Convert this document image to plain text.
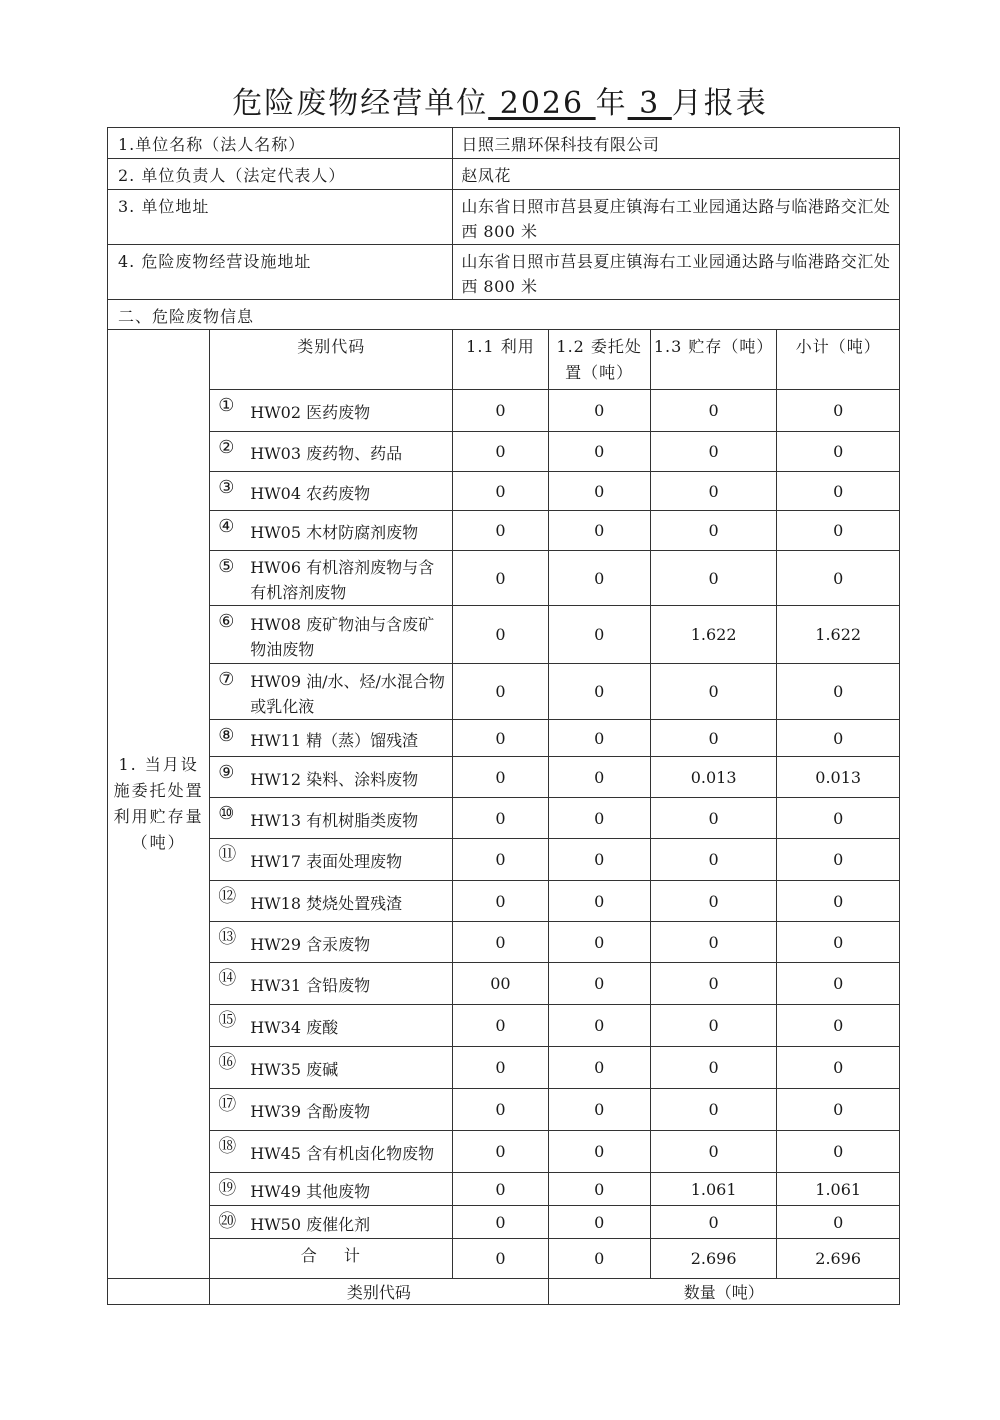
危险废物经营单位 2026 年 3 月报表
1.单位名称（法人名称）		日照三鼎环保科技有限公司			
2. 单位负责人（法定代表人）		赵凤花			
3. 单位地址		山东省日照市莒县夏庄镇海右工业园通达路与临港路交汇处西 800 米			
4. 危险废物经营设施地址		山东省日照市莒县夏庄镇海右工业园通达路与临港路交汇处西 800 米			
二、危险废物信息					
1. 当月设施委托处置利用贮存量（吨）	类别代码	1.1 利用	1.2 委托处置（吨）	1.3 贮存（吨）	小计（吨）

	① HW02 医药废物	0	0	0	0

	② HW03 废药物、药品	0	0	0	0

	③ HW04 农药废物	0	0	0	0

	④ HW05 木材防腐剂废物	0	0	0	0

	⑤ HW06 有机溶剂废物与含有机溶剂废物	0	0	0	0

	⑥ HW08 废矿物油与含废矿物油废物	0	0	1.622	1.622

	⑦ HW09 油/水、烃/水混合物或乳化液	0	0	0	0

	⑧ HW11 精（蒸）馏残渣	0	0	0	0

	⑨ HW12 染料、涂料废物	0	0	0.013	0.013

	⑩ HW13 有机树脂类废物	0	0	0	0

	⑪ HW17 表面处理废物	0	0	0	0

	⑫ HW18 焚烧处置残渣	0	0	0	0

	⑬ HW29 含汞废物	0	0	0	0

	⑭ HW31 含铅废物	00	0	0	0

	⑮ HW34 废酸	0	0	0	0

	⑯ HW35 废碱	0	0	0	0

	⑰ HW39 含酚废物	0	0	0	0

	⑱ HW45 含有机卤化物废物	0	0	0	0

	⑲ HW49 其他废物	0	0	1.061	1.061

	⑳ HW50 废催化剂	0	0	0	0
	合　 计	0	0	2.696	2.696
	类别代码		数量（吨）		
